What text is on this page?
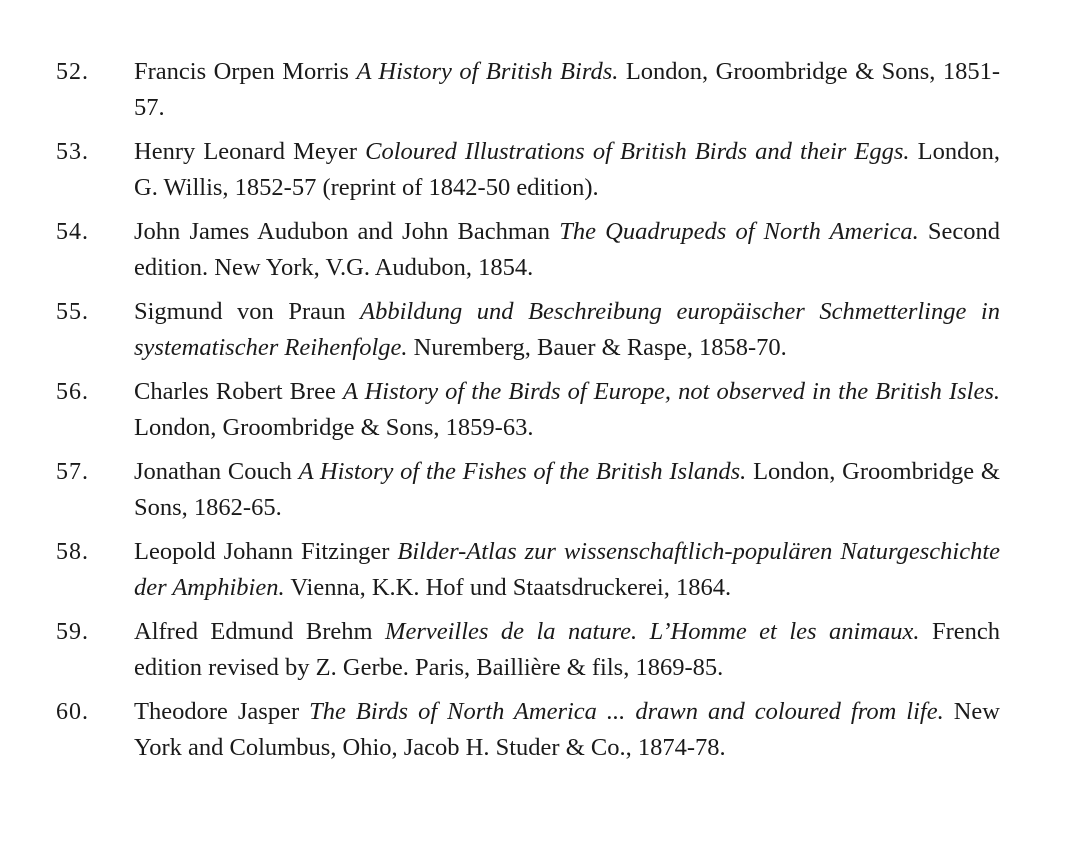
52. Francis Orpen Morris A History of British Birds. London, Groombridge & Sons, 1851-57.
53. Henry Leonard Meyer Coloured Illustrations of British Birds and their Eggs. London, G. Willis, 1852-57 (reprint of 1842-50 edition).
54. John James Audubon and John Bachman The Quadrupeds of North America. Second edition. New York, V.G. Audubon, 1854.
55. Sigmund von Praun Abbildung und Beschreibung europäischer Schmetterlinge in systematischer Reihenfolge. Nuremberg, Bauer & Raspe, 1858-70.
56. Charles Robert Bree A History of the Birds of Europe, not observed in the British Isles. London, Groombridge & Sons, 1859-63.
57. Jonathan Couch A History of the Fishes of the British Islands. London, Groombridge & Sons, 1862-65.
58. Leopold Johann Fitzinger Bilder-Atlas zur wissenschaftlich-populären Naturgeschichte der Amphibien. Vienna, K.K. Hof und Staatsdruckerei, 1864.
59. Alfred Edmund Brehm Merveilles de la nature. L’Homme et les animaux. French edition revised by Z. Gerbe. Paris, Baillière & fils, 1869-85.
60. Theodore Jasper The Birds of North America ... drawn and coloured from life. New York and Columbus, Ohio, Jacob H. Studer & Co., 1874-78.
